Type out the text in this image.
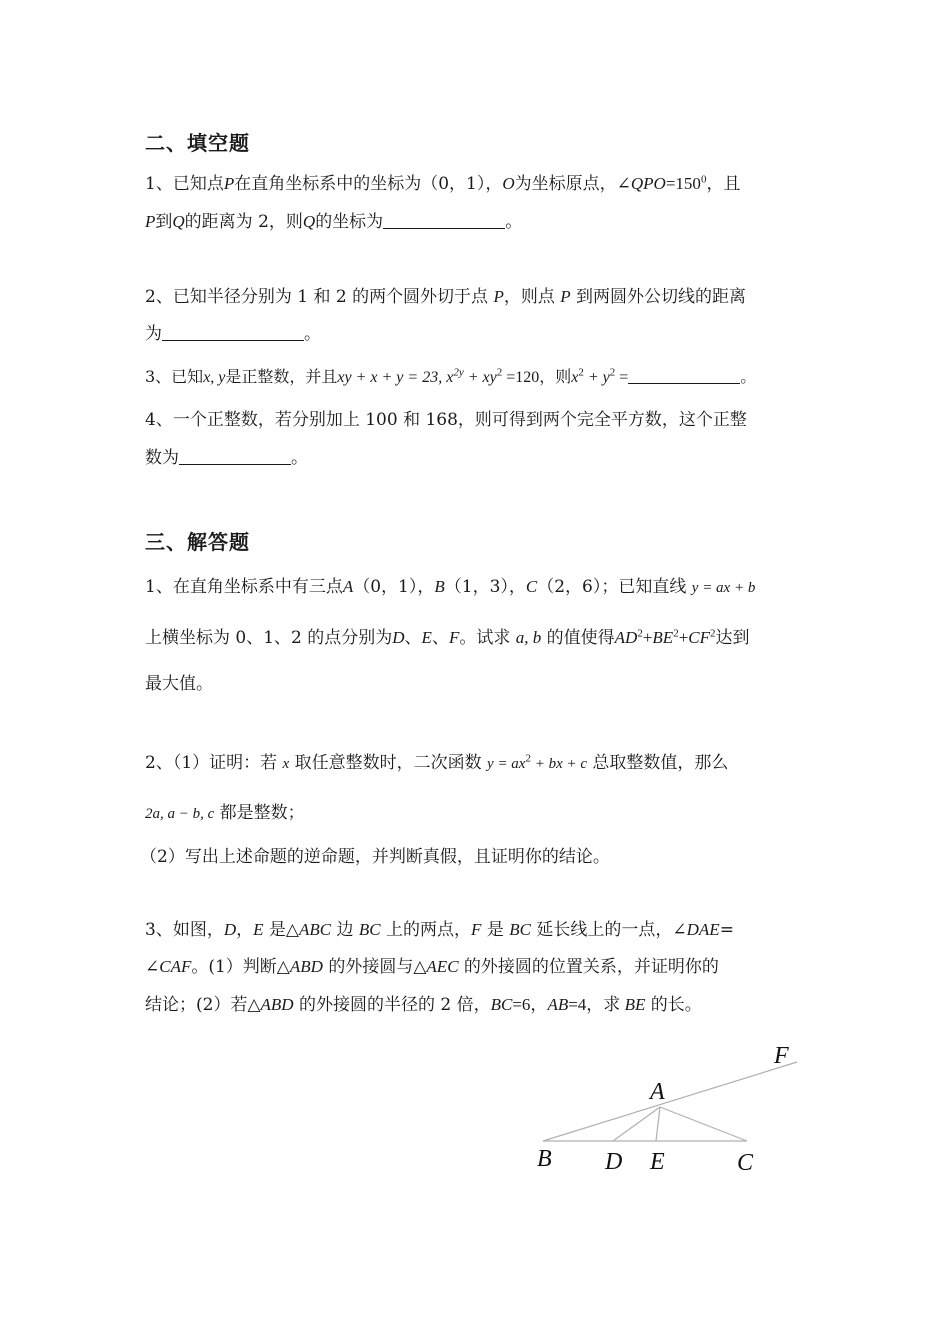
二、填空题
1、已知点P在直角坐标系中的坐标为（0，1），O为坐标原点，$\angle QPO=150^0$，且
P到Q的距离为 2，则Q的坐标为	。
2、已知半径分别为 1 和 2 的两个圆外切于点 P，则点 P 到两圆外公切线的距离
为	。
3、已知x, y是正整数，并且xy + x + y = 23, $x^{2y} + xy^2 =120$，则$x^2 + y^2$ =	。
4、一个正整数，若分别加上 100 和 168，则可得到两个完全平方数，这个正整
数为	。
三、解答题
1、在直角坐标系中有三点A（0，1），B（1，3），C（2，6）；已知直线 y = ax + b
上横坐标为 0、1、2 的点分别为D、E、F。试求 a, b 的值使得$AD^2+BE^2+CF^2$达到
最大值。
2、（1）证明：若 x 取任意整数时，二次函数 $y = ax^2$ + bx + c 总取整数值，那么
2a, a − b, c 都是整数；
（2）写出上述命题的逆命题，并判断真假，且证明你的结论。
3、如图，D，E 是△ABC 边 BC 上的两点，F 是 BC 延长线上的一点，∠DAE=
∠CAF。(1）判断△ABD 的外接圆与△AEC 的外接圆的位置关系，并证明你的
结论；(2）若△ABD 的外接圆的半径的 2 倍，BC=6，AB=4，求 BE 的长。
F
A
B D E	C
